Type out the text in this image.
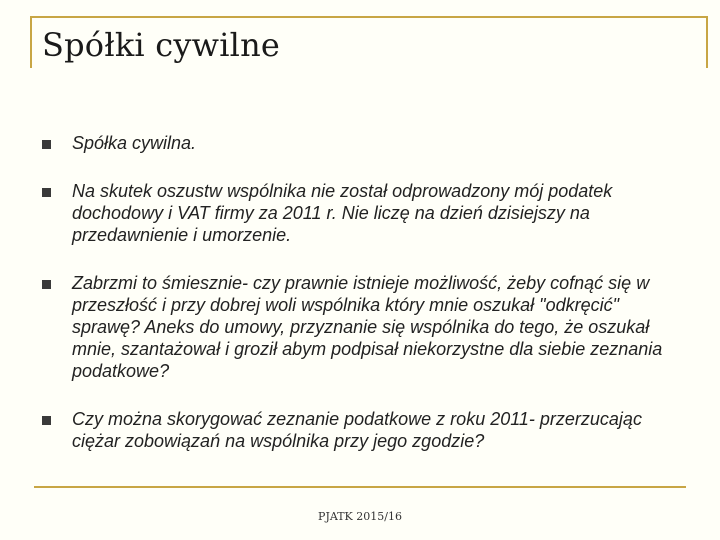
Spółki cywilne
Spółka cywilna.
Na skutek oszustw wspólnika nie został odprowadzony mój podatek dochodowy i VAT firmy za 2011 r. Nie liczę na dzień dzisiejszy na przedawnienie i umorzenie.
Zabrzmi to śmiesznie- czy prawnie istnieje możliwość, żeby cofnąć się w przeszłość i przy dobrej woli wspólnika który mnie oszukał "odkręcić" sprawę? Aneks do umowy, przyznanie się wspólnika do tego, że oszukał mnie, szantażował i groził abym podpisał niekorzystne dla siebie zeznania podatkowe?
Czy można skorygować zeznanie podatkowe z roku 2011- przerzucając ciężar zobowiązań na wspólnika przy jego zgodzie?
PJATK 2015/16
